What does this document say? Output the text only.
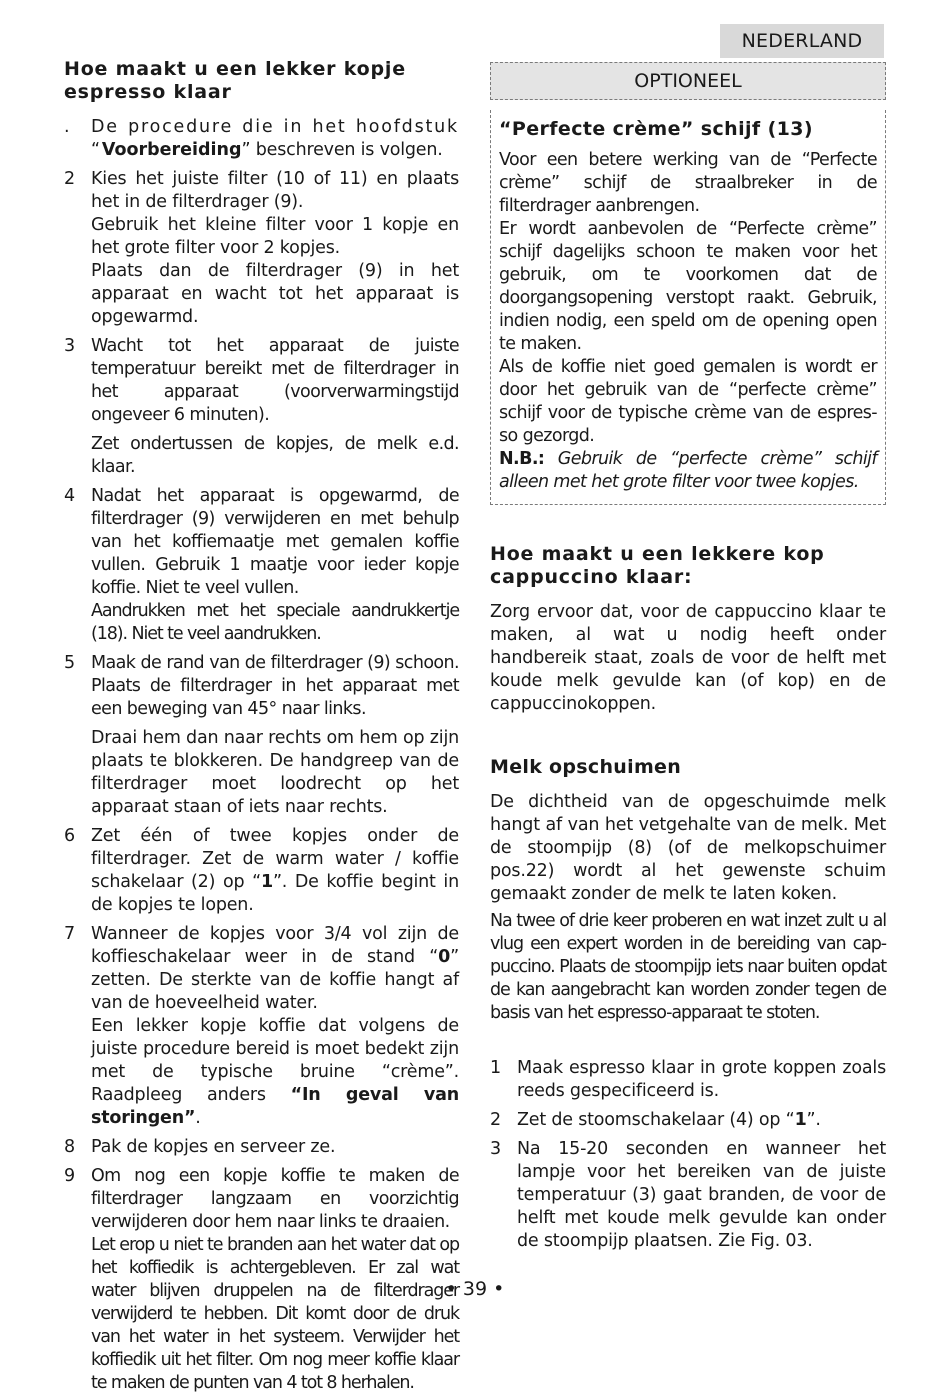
NEDERLAND
Hoe maakt u een lekker kopje espresso klaar
.	De procedure die in het hoofdstuk “Voorbereiding” beschreven is volgen.
2 Kies het juiste filter (10 of 11) en plaats het in de filterdrager (9).

Gebruik het kleine filter voor 1 kopje en het grote filter voor 2 kopjes.

Plaats dan de filterdrager (9) in het apparaat en wacht tot het apparaat is opgewarmd.

3 Wacht tot het apparaat de juiste temperatuur bereikt met de filterdrager in het apparaat (voorverwarmingstijd ongeveer 6 minuten).

Zet ondertussen de kopjes, de melk e.d. klaar.

4 Nadat het apparaat is opgewarmd, de filterdrager (9) verwijderen en met behulp van het koffiemaatje met gemalen koffie vullen. Gebruik 1 maatje voor ieder kopje koffie. Niet te veel vullen.

Aandrukken met het speciale aandrukkertje (18). Niet te veel aandrukken.

5 Maak de rand van de filterdrager (9) schoon. Plaats de filterdrager in het apparaat met een beweging van 45° naar links.

Draai hem dan naar rechts om hem op zijn plaats te blokkeren. De handgreep van de filterdrager moet loodrecht op het apparaat staan of iets naar rechts.

6 Zet één of twee kopjes onder de filterdrager. Zet de warm water / koffie schakelaar (2) op “1”. De koffie begint in de kopjes te lopen.
7 Wanneer de kopjes voor 3/4 vol zijn de koffieschakelaar weer in de stand “0” zetten. De sterkte van de koffie hangt af van de hoeveelheid water.
Een lekker kopje koffie dat volgens de juiste procedure bereid is moet bedekt zijn met de typische bruine “crème”. Raadpleeg anders “In geval van storingen”.
8 Pak de kopjes en serveer ze.
9 Om nog een kopje koffie te maken de filterdrager langzaam en voorzichtig verwijderen door hem naar links te draaien.

Let erop u niet te branden aan het water dat op het koffiedik is achtergebleven. Er zal wat water blijven druppelen na de filterdrager verwijderd te hebben. Dit komt door de druk van het water in het systeem. Verwijder het koffiedik uit het filter. Om nog meer koffie klaar te maken de punten van 4 tot 8 herhalen.

OPTIONEEL
“Perfecte crème” schijf (13)

Voor een betere werking van de “Perfecte crème” schijf de straalbreker in de filterdrager aanbrengen.

Er wordt aanbevolen de “Perfecte crème” schijf dagelijks schoon te maken voor het gebruik, om te voorkomen dat de doorgangsopening verstopt raakt. Gebruik, indien nodig, een speld om de opening open te maken.

Als de koffie niet goed gemalen is wordt er door het gebruik van de “perfecte crème” schijf voor de typische crème van de espres-so gezorgd.

N.B.: Gebruik de “perfecte crème” schijf alleen met het grote filter voor twee kopjes.

Hoe maakt u een lekkere kop cappuccino klaar:

Zorg ervoor dat, voor de cappuccino klaar te maken, al wat u nodig heeft onder handbereik staat, zoals de voor de helft met koude melk gevulde kan (of kop) en de cappuccinokoppen.

Melk opschuimen

De dichtheid van de opgeschuimde melk hangt af van het vetgehalte van de melk. Met de stoompijp (8) (of de melkopschuimer pos.22) wordt al het gewenste schuim gemaakt zonder de melk te laten koken.

Na twee of drie keer proberen en wat inzet zult u al vlug een expert worden in de bereiding van cap-puccino. Plaats de stoompijp iets naar buiten opdat de kan aangebracht kan worden zonder tegen de basis van het espresso-apparaat te stoten.

1 Maak espresso klaar in grote koppen zoals reeds gespecificeerd is.
2 Zet de stoomschakelaar (4) op “1”.
3 Na 15-20 seconden en wanneer het lampje voor het bereiken van de juiste temperatuur (3) gaat branden, de voor de helft met koude melk gevulde kan onder de stoompijp plaatsen. Zie Fig. 03.
• 39 •
